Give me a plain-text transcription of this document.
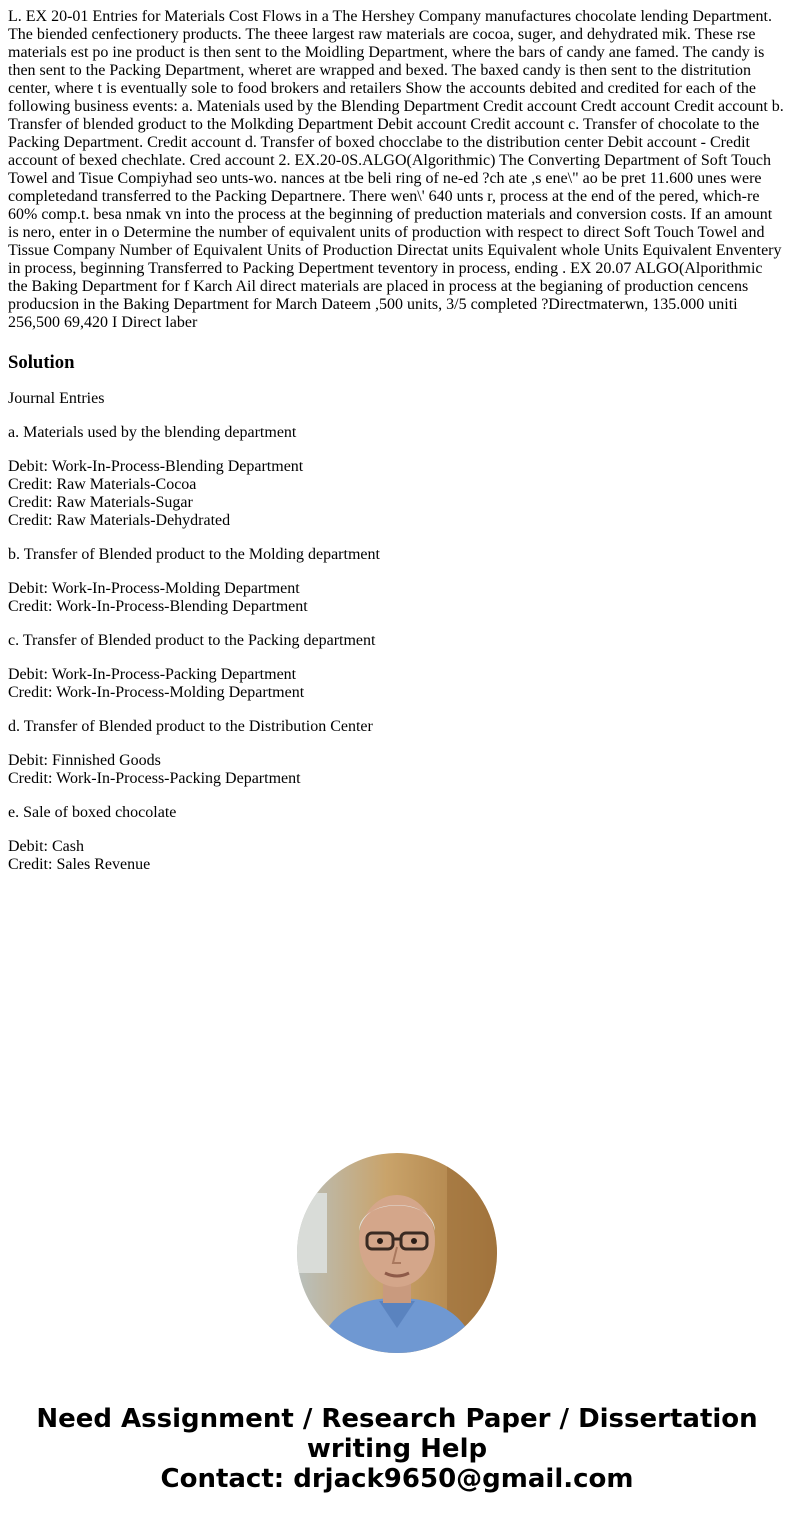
L. EX 20-01 Entries for Materials Cost Flows in a The Hershey Company manufactures chocolate lending Department. The biended cenfectionery products. The theee largest raw materials are cocoa, suger, and dehydrated mik. These rse materials est po ine product is then sent to the Moidling Department, where the bars of candy ane famed. The candy is then sent to the Packing Department, wheret are wrapped and bexed. The baxed candy is then sent to the distritution center, where t is eventually sole to food brokers and retailers Show the accounts debited and credited for each of the following business events: a. Matenials used by the Blending Department Credit account Credt account Credit account b. Transfer of blended groduct to the Molkding Department Debit account Credit account c. Transfer of chocolate to the Packing Department. Credit account d. Transfer of boxed chocclabe to the distribution center Debit account - Credit account of bexed chechlate. Cred account 2. EX.20-0S.ALGO(Algorithmic) The Converting Department of Soft Touch Towel and Tisue Compiyhad seo unts-wo. nances at tbe beli ring of ne-ed ?ch ate ,s ene\" ao be pret 11.600 unes were completedand transferred to the Packing Departnere. There wen\' 640 unts r, process at the end of the pered, which-re 60% comp.t. besa nmak vn into the process at the beginning of preduction materials and conversion costs. If an amount is nero, enter in o Determine the number of equivalent units of production with respect to direct Soft Touch Towel and Tissue Company Number of Equivalent Units of Production Directat units Equivalent whole Units Equivalent Enventery in process, beginning Transferred to Packing Depertment teventory in process, ending . EX 20.07 ALGO(Alporithmic the Baking Department for f Karch Ail direct materials are placed in process at the begianing of production cencens producsion in the Baking Department for March Dateem ,500 units, 3/5 completed ?Directmaterwn, 135.000 uniti 256,500 69,420 I Direct laber

Solution

Journal Entries

a. Materials used by the blending department

Debit: Work-In-Process-Blending Department
Credit: Raw Materials-Cocoa
Credit: Raw Materials-Sugar
Credit: Raw Materials-Dehydrated

b. Transfer of Blended product to the Molding department

Debit: Work-In-Process-Molding Department
Credit: Work-In-Process-Blending Department

c. Transfer of Blended product to the Packing department

Debit: Work-In-Process-Packing Department
Credit: Work-In-Process-Molding Department

d. Transfer of Blended product to the Distribution Center

Debit: Finnished Goods
Credit: Work-In-Process-Packing Department

e. Sale of boxed chocolate

Debit: Cash
Credit: Sales Revenue

Need Assignment / Research Paper / Dissertation
writing Help
Contact: drjack9650@gmail.com
